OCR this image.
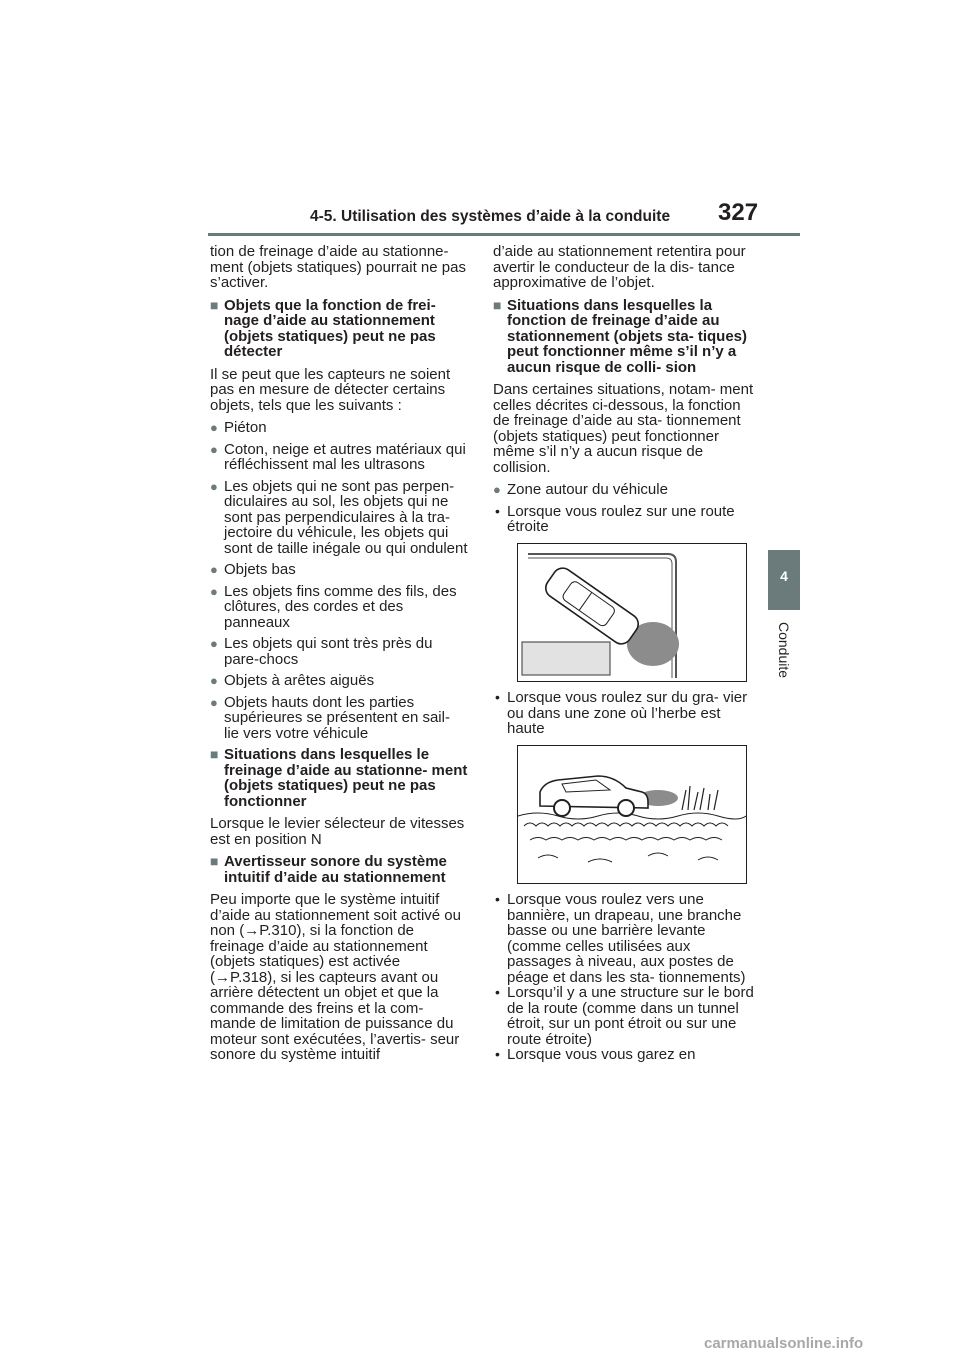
4-5. Utilisation des systèmes d’aide à la conduite 327
4
Conduite

tion de freinage d’aide au stationne- ment (objets statiques) pourrait ne pas s’activer.

■ Objets que la fonction de frei- nage d’aide au stationnement (objets statiques) peut ne pas détecter

Il se peut que les capteurs ne soient pas en mesure de détecter certains objets, tels que les suivants :

● Piéton
● Coton, neige et autres matériaux qui réfléchissent mal les ultrasons
● Les objets qui ne sont pas perpen- diculaires au sol, les objets qui ne sont pas perpendiculaires à la tra- jectoire du véhicule, les objets qui sont de taille inégale ou qui ondulent
● Objets bas
● Les objets fins comme des fils, des clôtures, des cordes et des panneaux
● Les objets qui sont très près du pare-chocs
● Objets à arêtes aiguës
● Objets hauts dont les parties supérieures se présentent en sail- lie vers votre véhicule
■ Situations dans lesquelles le freinage d’aide au stationne- ment (objets statiques) peut ne pas fonctionner

Lorsque le levier sélecteur de vitesses est en position N

■ Avertisseur sonore du système intuitif d’aide au stationnement

Peu importe que le système intuitif d’aide au stationnement soit activé ou non (→P.310), si la fonction de freinage d’aide au stationnement (objets statiques) est activée (→P.318), si les capteurs avant ou arrière détectent un objet et que la commande des freins et la com- mande de limitation de puissance du moteur sont exécutées, l’avertis- seur sonore du système intuitif

d’aide au stationnement retentira pour avertir le conducteur de la dis- tance approximative de l’objet.

■ Situations dans lesquelles la fonction de freinage d’aide au stationnement (objets sta- tiques) peut fonctionner même s’il n’y a aucun risque de colli- sion

Dans certaines situations, notam- ment celles décrites ci-dessous, la fonction de freinage d’aide au sta- tionnement (objets statiques) peut fonctionner même s’il n’y a aucun risque de collision.

● Zone autour du véhicule
• Lorsque vous roulez sur une route étroite
• Lorsque vous roulez sur du gra- vier ou dans une zone où l’herbe est haute
• Lorsque vous roulez vers une bannière, un drapeau, une branche basse ou une barrière levante (comme celles utilisées aux passages à niveau, aux postes de péage et dans les sta- tionnements)
• Lorsqu’il y a une structure sur le bord de la route (comme dans un tunnel étroit, sur un pont étroit ou sur une route étroite)
• Lorsque vous vous garez en
carmanualsonline.info
